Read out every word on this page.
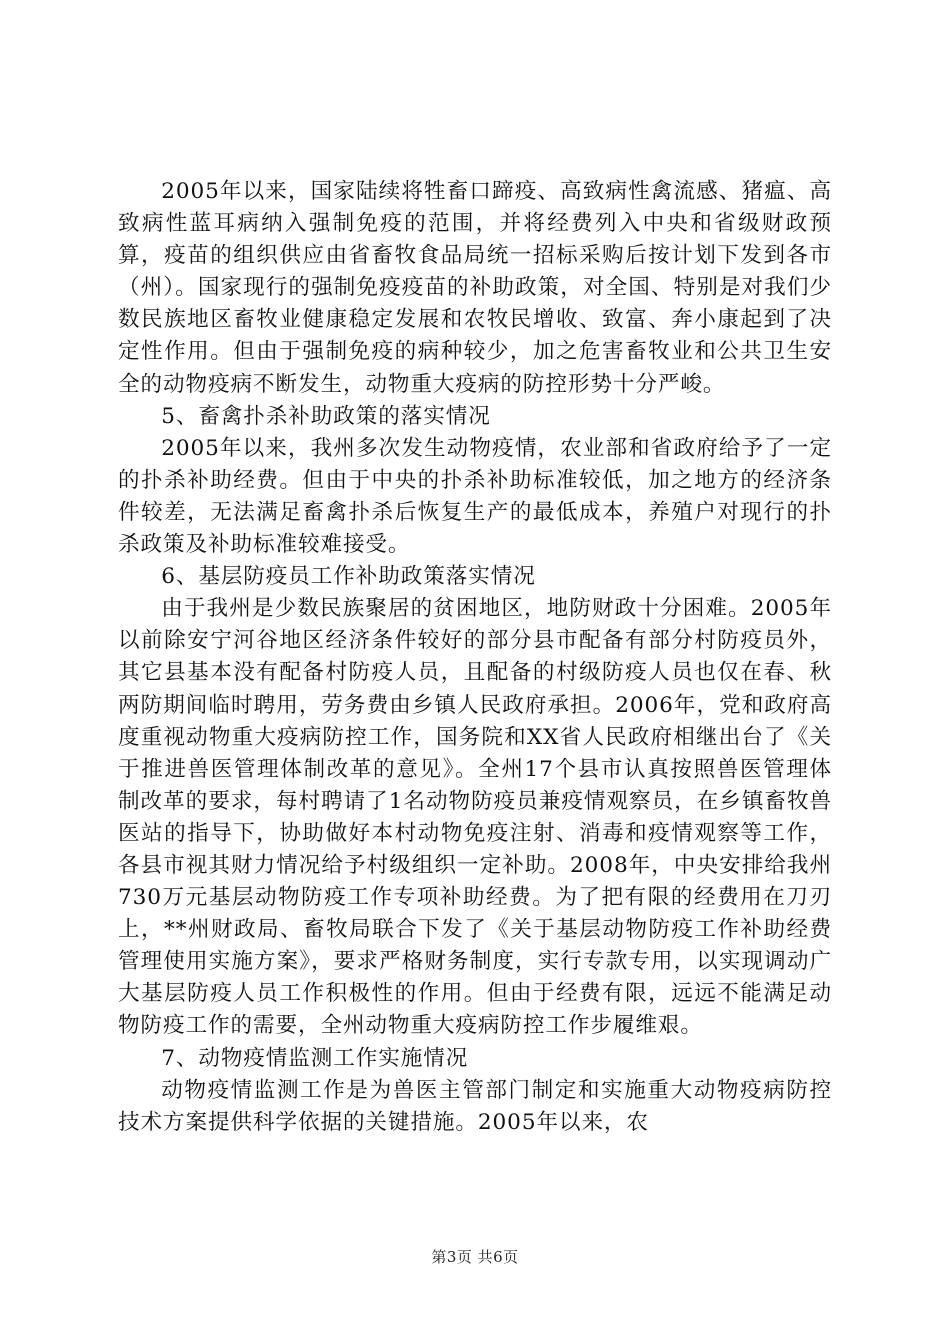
2005年以来，国家陆续将牲畜口蹄疫、高致病性禽流感、猪瘟、高致病性蓝耳病纳入强制免疫的范围，并将经费列入中央和省级财政预算，疫苗的组织供应由省畜牧食品局统一招标采购后按计划下发到各市（州）。国家现行的强制免疫疫苗的补助政策，对全国、特别是对我们少数民族地区畜牧业健康稳定发展和农牧民增收、致富、奔小康起到了决定性作用。但由于强制免疫的病种较少，加之危害畜牧业和公共卫生安全的动物疫病不断发生，动物重大疫病的防控形势十分严峻。

5、畜禽扑杀补助政策的落实情况

2005年以来，我州多次发生动物疫情，农业部和省政府给予了一定的扑杀补助经费。但由于中央的扑杀补助标准较低，加之地方的经济条件较差，无法满足畜禽扑杀后恢复生产的最低成本，养殖户对现行的扑杀政策及补助标准较难接受。

6、基层防疫员工作补助政策落实情况

由于我州是少数民族聚居的贫困地区，地防财政十分困难。2005年以前除安宁河谷地区经济条件较好的部分县市配备有部分村防疫员外，其它县基本没有配备村防疫人员，且配备的村级防疫人员也仅在春、秋两防期间临时聘用，劳务费由乡镇人民政府承担。2006年，党和政府高度重视动物重大疫病防控工作，国务院和XX省人民政府相继出台了《关于推进兽医管理体制改革的意见》。全州17个县市认真按照兽医管理体制改革的要求，每村聘请了1名动物防疫员兼疫情观察员，在乡镇畜牧兽医站的指导下，协助做好本村动物免疫注射、消毒和疫情观察等工作，各县市视其财力情况给予村级组织一定补助。2008年，中央安排给我州730万元基层动物防疫工作专项补助经费。为了把有限的经费用在刀刃上，**州财政局、畜牧局联合下发了《关于基层动物防疫工作补助经费管理使用实施方案》，要求严格财务制度，实行专款专用，以实现调动广大基层防疫人员工作积极性的作用。但由于经费有限，远远不能满足动物防疫工作的需要，全州动物重大疫病防控工作步履维艰。

7、动物疫情监测工作实施情况

动物疫情监测工作是为兽医主管部门制定和实施重大动物疫病防控技术方案提供科学依据的关键措施。2005年以来，农

第3页 共6页
